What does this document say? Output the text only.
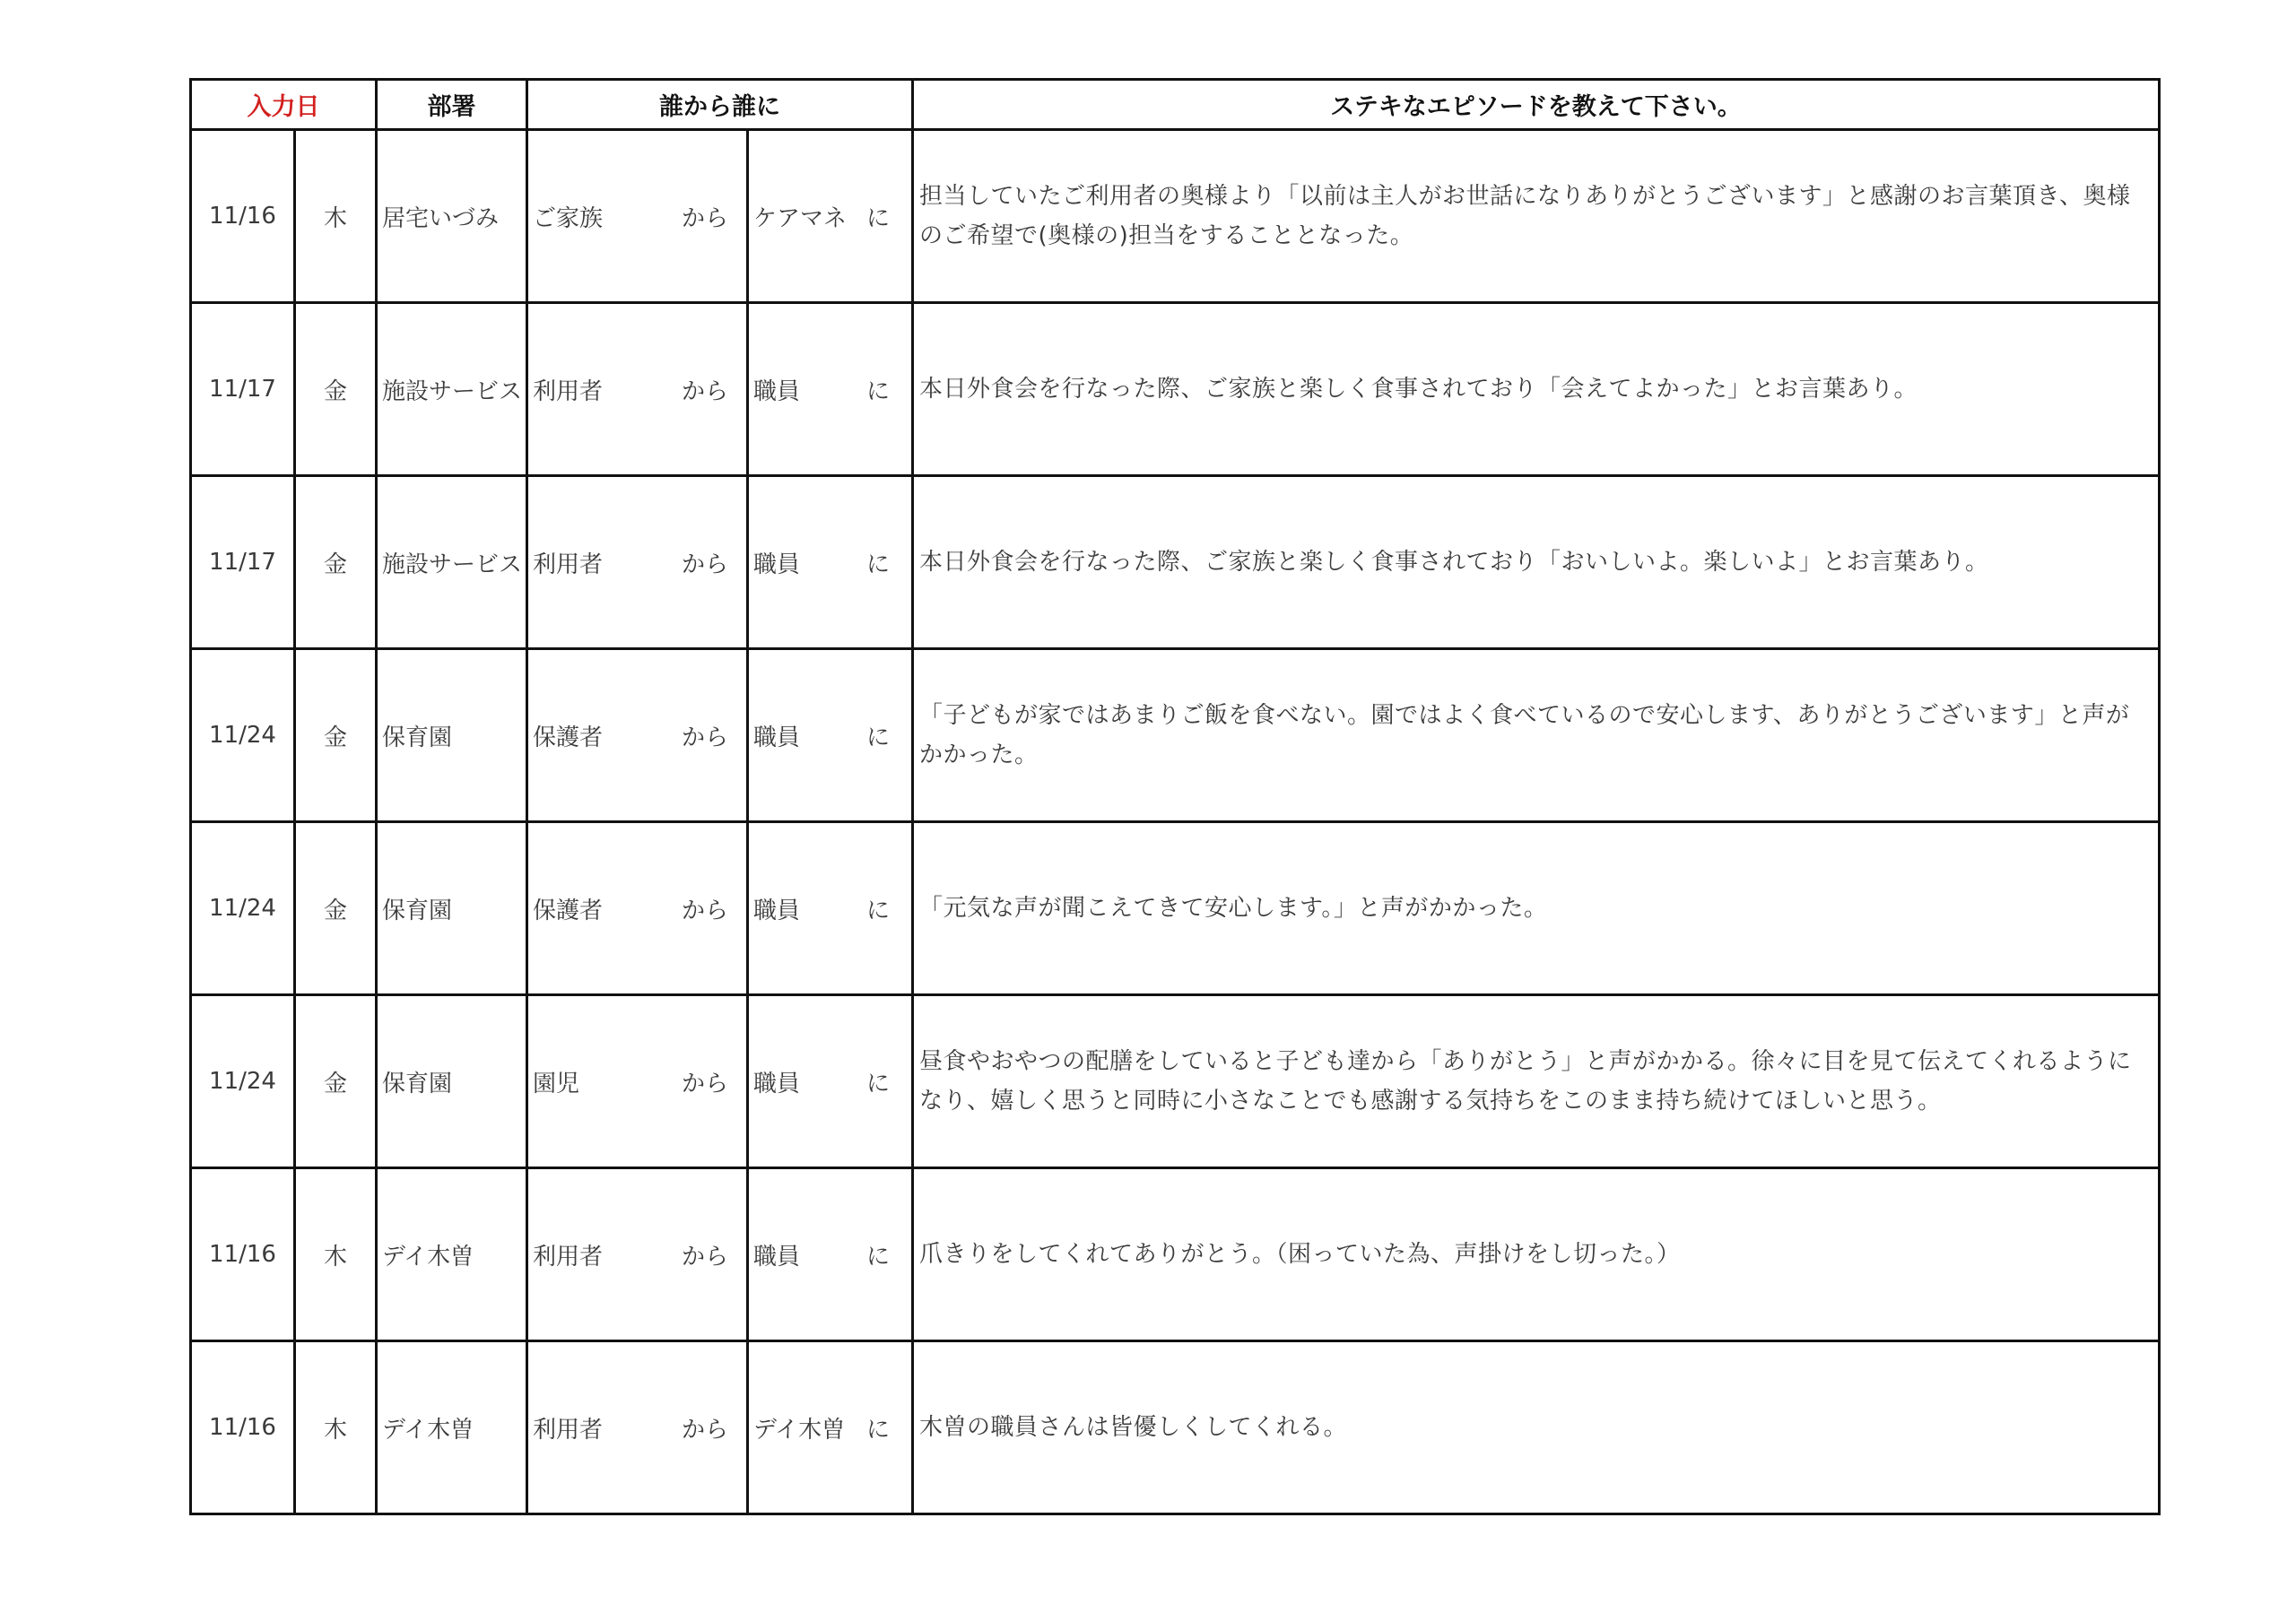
入力日		部署	誰から誰に		ステキなエピソードを教えて下さい。
11/16	木	居宅いづみ	ご家族 から	ケアマネ に	担当していたご利用者の奥様より「以前は主人がお世話になりありがとうございます」と感謝のお言葉頂き、奥様のご希望で(奥様の)担当をすることとなった。
11/17	金	施設サービス	利用者 から	職員 に	本日外食会を行なった際、ご家族と楽しく食事されており「会えてよかった」とお言葉あり。
11/17	金	施設サービス	利用者 から	職員 に	本日外食会を行なった際、ご家族と楽しく食事されており「おいしいよ。楽しいよ」とお言葉あり。
11/24	金	保育園	保護者 から	職員 に	「子どもが家ではあまりご飯を食べない。園ではよく食べているので安心します、ありがとうございます」と声がかかった。
11/24	金	保育園	保護者 から	職員 に	「元気な声が聞こえてきて安心します。」と声がかかった。
11/24	金	保育園	園児 から	職員 に	昼食やおやつの配膳をしていると子ども達から「ありがとう」と声がかかる。徐々に目を見て伝えてくれるようになり、嬉しく思うと同時に小さなことでも感謝する気持ちをこのまま持ち続けてほしいと思う。
11/16	木	デイ木曽	利用者 から	職員 に	爪きりをしてくれてありがとう。（困っていた為、声掛けをし切った。）
11/16	木	デイ木曽	利用者 から	デイ木曽 に	木曽の職員さんは皆優しくしてくれる。
